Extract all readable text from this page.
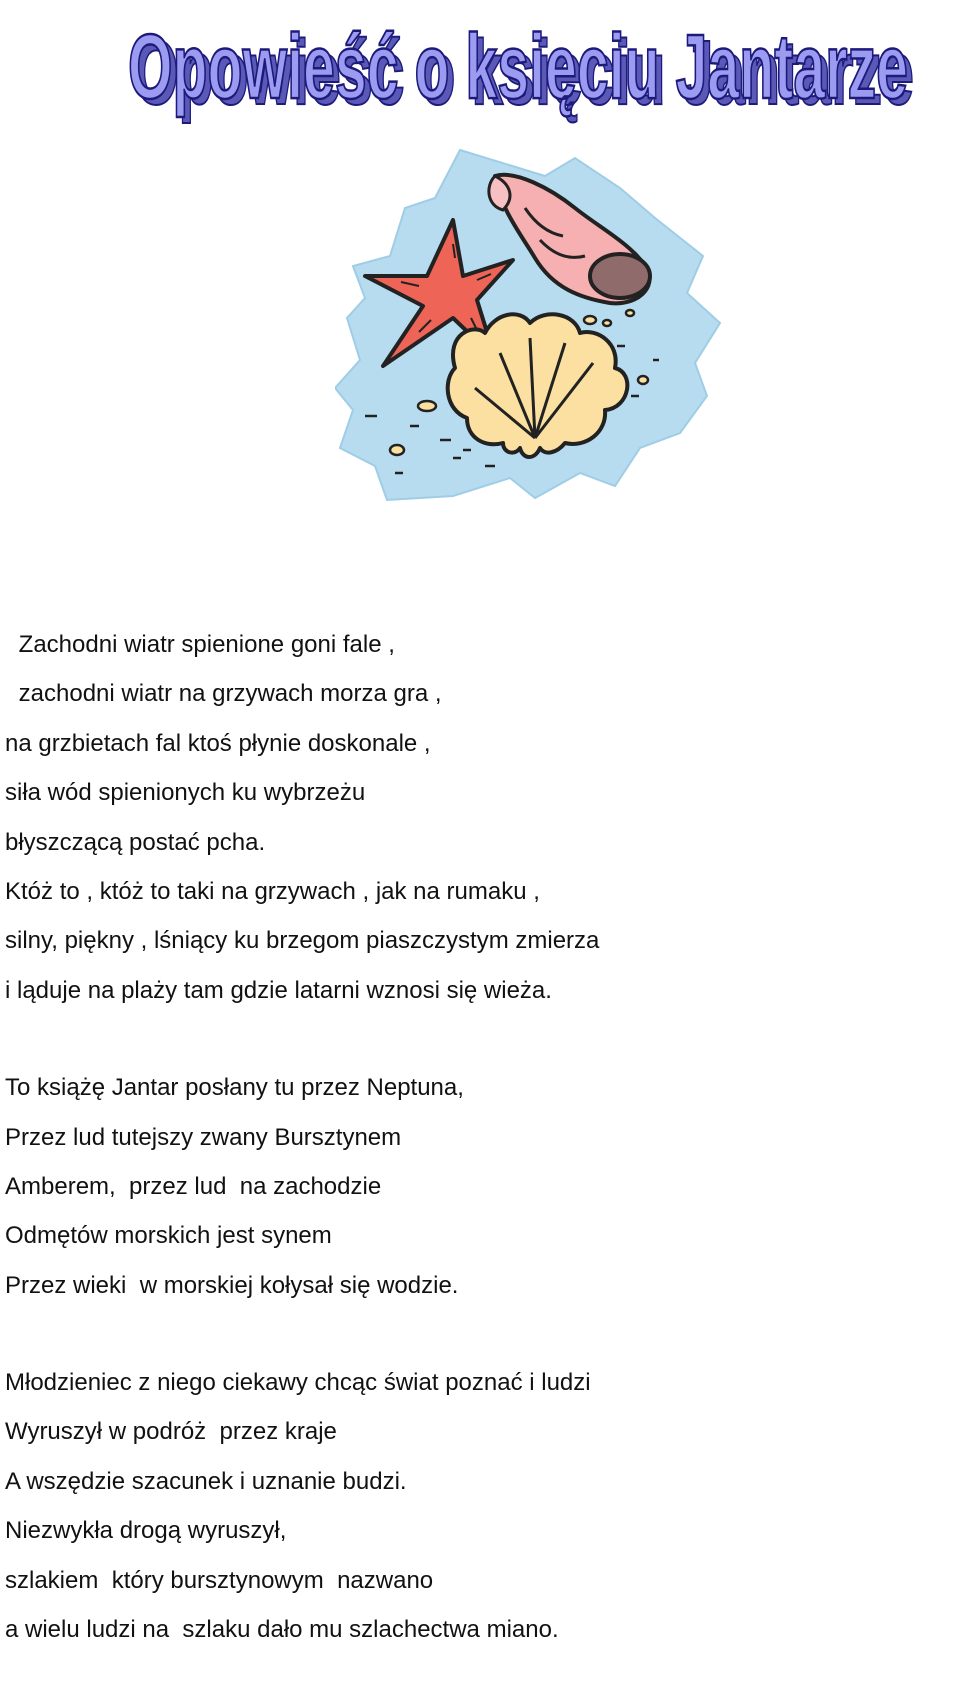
Opowieść o księciu Jantarze
Opowieść o księciu Jantarze
Zachodni wiatr spienione goni fale ,
zachodni wiatr na grzywach morza gra ,
na grzbietach fal ktoś płynie doskonale ,
siła wód spienionych ku wybrzeżu
błyszczącą postać pcha.
Któż to , któż to taki na grzywach , jak na rumaku ,
silny, piękny , lśniący ku brzegom piaszczystym zmierza
i ląduje na plaży tam gdzie latarni wznosi się wieża.
To książę Jantar posłany tu przez Neptuna,
Przez lud tutejszy zwany Bursztynem
Amberem,  przez lud  na zachodzie
Odmętów morskich jest synem
Przez wieki  w morskiej kołysał się wodzie.
Młodzieniec z niego ciekawy chcąc świat poznać i ludzi
Wyruszył w podróż  przez kraje
A wszędzie szacunek i uznanie budzi.
Niezwykła drogą wyruszył,
szlakiem  który bursztynowym  nazwano
a wielu ludzi na  szlaku dało mu szlachectwa miano.
